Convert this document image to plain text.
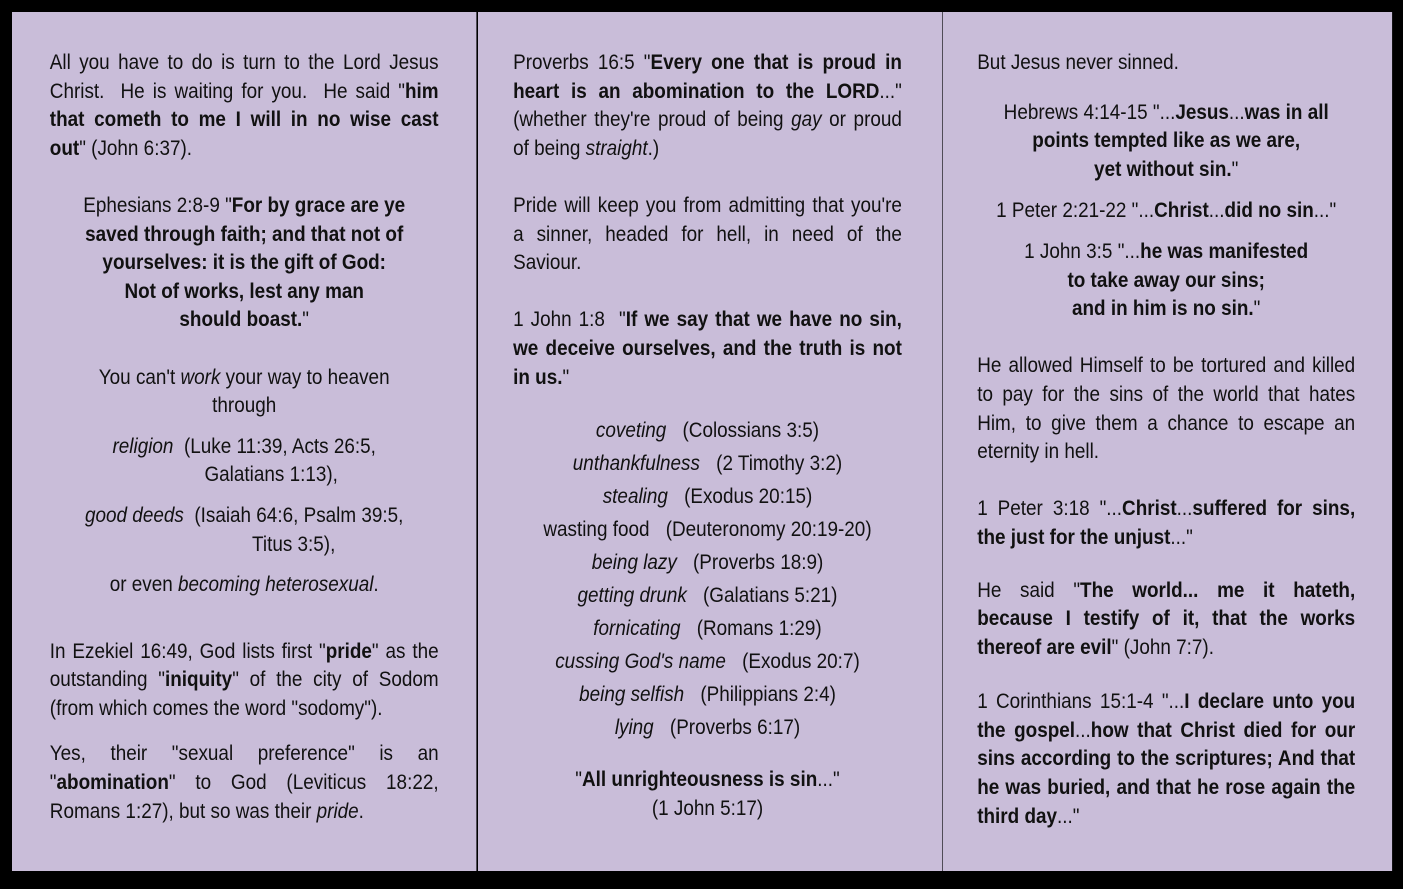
All you have to do is turn to the Lord Jesus Christ.  He is waiting for you.  He said "him that cometh to me I will in no wise cast out" (John 6:37).

Ephesians 2:8-9 "For by grace are ye

saved through faith; and that not of
yourselves: it is the gift of God:
Not of works, lest any man
should boast."

You can't work your way to heaven
through

religion  (Luke 11:39, Acts 26:5,
Galatians 1:13),

good deeds  (Isaiah 64:6, Psalm 39:5,
Titus 3:5),

or even becoming heterosexual.

In Ezekiel 16:49, God lists first "pride" as the outstanding "iniquity" of the city of Sodom (from which comes the word "sodomy").

Yes, their "sexual preference" is an "abomination" to God (Leviticus 18:22, Romans 1:27), but so was their pride.

Proverbs 16:5 "Every one that is proud in heart is an abomination to the LORD..." (whether they're proud of being gay or proud of being straight.)

Pride will keep you from admitting that you're a sinner, headed for hell, in need of the Saviour.

1 John 1:8  "If we say that we have no sin, we deceive ourselves, and the truth is not in us."

coveting (Colossians 3:5)
unthankfulness (2 Timothy 3:2)
stealing (Exodus 20:15)
wasting food (Deuteronomy 20:19-20)
being lazy (Proverbs 18:9)
getting drunk (Galatians 5:21)
fornicating (Romans 1:29)
cussing God's name (Exodus 20:7)
being selfish (Philippians 2:4)
lying (Proverbs 6:17)

"All unrighteousness is sin..."
(1 John 5:17)

But Jesus never sinned.

Hebrews 4:14-15 "...Jesus...was in all
points tempted like as we are,
yet without sin."

1 Peter 2:21-22 "...Christ...did no sin..."

1 John 3:5 "...he was manifested
to take away our sins;
and in him is no sin."

He allowed Himself to be tortured and killed to pay for the sins of the world that hates Him, to give them a chance to escape an eternity in hell.

1 Peter 3:18 "...Christ...suffered for sins, the just for the unjust..."

He said "The world... me it hateth, because I testify of it, that the works thereof are evil" (John 7:7).

1 Corinthians 15:1-4 "...I declare unto you the gospel...how that Christ died for our sins according to the scriptures; And that he was buried, and that he rose again the third day..."
